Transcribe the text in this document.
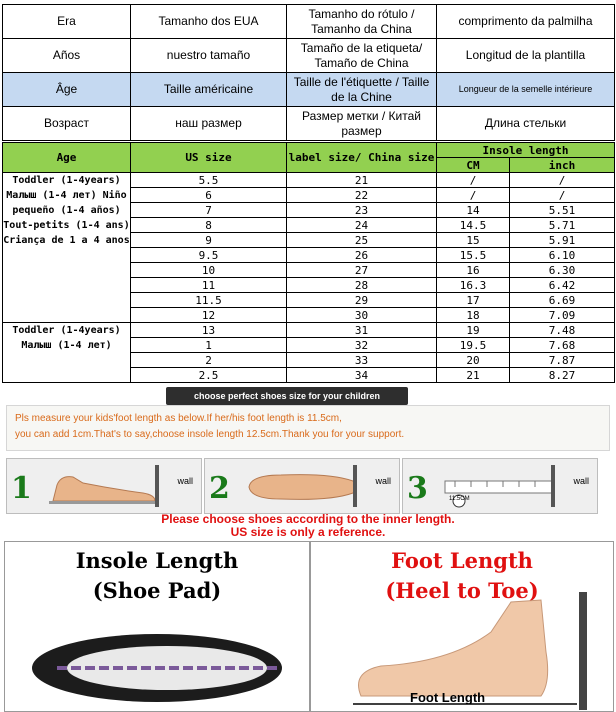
Era	Tamanho dos EUA	Tamanho do rótulo / Tamanho da China	comprimento da palmilha
Años	nuestro tamaño	Tamaño de la etiqueta/ Tamaño de China	Longitud de la plantilla
Âge	Taille américaine	Taille de l'étiquette / Taille de la Chine	Longueur de la semelle intérieure
Возраст	наш размер	Размер метки / Китай размер	Длина стельки
Age	US size	label size/ China size	Insole length	
			CM	inch
Toddler (1-4years) Малыш (1-4 лет) Niño pequeño (1-4 años) Tout-petits (1-4 ans) Criança de 1 a 4 anos	5.5	21	/	/
	6	22	/	/
	7	23	14	5.51
	8	24	14.5	5.71
	9	25	15	5.91
	9.5	26	15.5	6.10
	10	27	16	6.30
	11	28	16.3	6.42
	11.5	29	17	6.69
	12	30	18	7.09
Toddler (1-4years) Малыш (1-4 лет)	13	31	19	7.48
	1	32	19.5	7.68
	2	33	20	7.87
	2.5	34	21	8.27
choose perfect shoes size for your children
Pls measure your kids'foot length as below.If her/his foot length is 11.5cm,
you can add 1cm.That's to say,choose insole length 12.5cm.Thank you for your support.
1	wall 2	wall 3	11.5CM
wall
Please choose shoes according to the inner length.
US size is only a reference.
Insole Length
(Shoe Pad)
Foot Length
(Heel to Toe)
Foot Length
